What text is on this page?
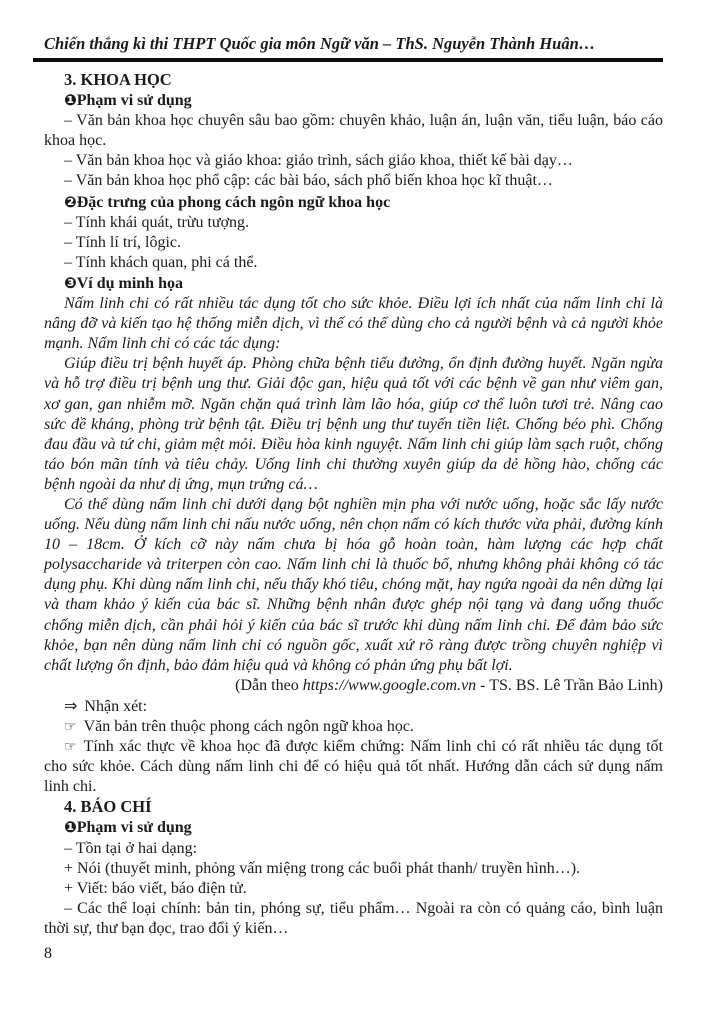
Chiến thắng kì thi THPT Quốc gia môn Ngữ văn – ThS. Nguyễn Thành Huân…

3. KHOA HỌC

❶Phạm vi sử dụng

– Văn bản khoa học chuyên sâu bao gồm: chuyên khảo, luận án, luận văn, tiểu luận, báo cáo khoa học.

– Văn bản khoa học và giáo khoa: giáo trình, sách giáo khoa, thiết kế bài dạy…

– Văn bản khoa học phổ cập: các bài báo, sách phổ biến khoa học kĩ thuật…

❷Đặc trưng của phong cách ngôn ngữ khoa học

– Tính khái quát, trừu tượng.

– Tính lí trí, lôgic.

– Tính khách quan, phi cá thể.

❸Ví dụ minh họa

Nấm linh chi có rất nhiều tác dụng tốt cho sức khỏe. Điều lợi ích nhất của nấm linh chi là nâng đỡ và kiến tạo hệ thống miễn dịch, vì thế có thể dùng cho cả người bệnh và cả người khỏe mạnh. Nấm linh chi có các tác dụng:

Giúp điều trị bệnh huyết áp. Phòng chữa bệnh tiểu đường, ổn định đường huyết. Ngăn ngừa và hỗ trợ điều trị bệnh ung thư. Giải độc gan, hiệu quả tốt với các bệnh về gan như viêm gan, xơ gan, gan nhiễm mỡ. Ngăn chặn quá trình làm lão hóa, giúp cơ thể luôn tươi trẻ. Nâng cao sức đề kháng, phòng trừ bệnh tật. Điều trị bệnh ung thư tuyến tiền liệt. Chống béo phì. Chống đau đầu và tứ chi, giảm mệt mỏi. Điều hòa kinh nguyệt. Nấm linh chi giúp làm sạch ruột, chống táo bón mãn tính và tiêu chảy. Uống linh chi thường xuyên giúp da dẻ hồng hào, chống các bệnh ngoài da như dị ứng, mụn trứng cá…

Có thể dùng nấm linh chi dưới dạng bột nghiền mịn pha với nước uống, hoặc sắc lấy nước uống. Nếu dùng nấm linh chi nấu nước uống, nên chọn nấm có kích thước vừa phải, đường kính 10 – 18cm. Ở kích cỡ này nấm chưa bị hóa gỗ hoàn toàn, hàm lượng các hợp chất polysaccharide và triterpen còn cao. Nấm linh chi là thuốc bổ, nhưng không phải không có tác dụng phụ. Khi dùng nấm linh chi, nếu thấy khó tiêu, chóng mặt, hay ngứa ngoài da nên dừng lại và tham khảo ý kiến của bác sĩ. Những bệnh nhân được ghép nội tạng và đang uống thuốc chống miễn dịch, cần phải hỏi ý kiến của bác sĩ trước khi dùng nấm linh chi. Để đảm bảo sức khỏe, bạn nên dùng nấm linh chi có nguồn gốc, xuất xứ rõ ràng được trồng chuyên nghiệp vì chất lượng ổn định, bảo đảm hiệu quả và không có phản ứng phụ bất lợi.

(Dẫn theo https://www.google.com.vn - TS. BS. Lê Trần Bảo Linh)

⇒ Nhận xét:

☞ Văn bản trên thuộc phong cách ngôn ngữ khoa học.

☞ Tính xác thực về khoa học đã được kiểm chứng: Nấm linh chi có rất nhiều tác dụng tốt cho sức khỏe. Cách dùng nấm linh chi để có hiệu quả tốt nhất. Hướng dẫn cách sử dụng nấm linh chi.

4. BÁO CHÍ

❶Phạm vi sử dụng

– Tồn tại ở hai dạng:

+ Nói (thuyết minh, phỏng vấn miệng trong các buổi phát thanh/ truyền hình…).

+ Viết: báo viết, báo điện tử.

– Các thể loại chính: bản tin, phóng sự, tiểu phẩm… Ngoài ra còn có quảng cáo, bình luận thời sự, thư bạn đọc, trao đổi ý kiến…

8
